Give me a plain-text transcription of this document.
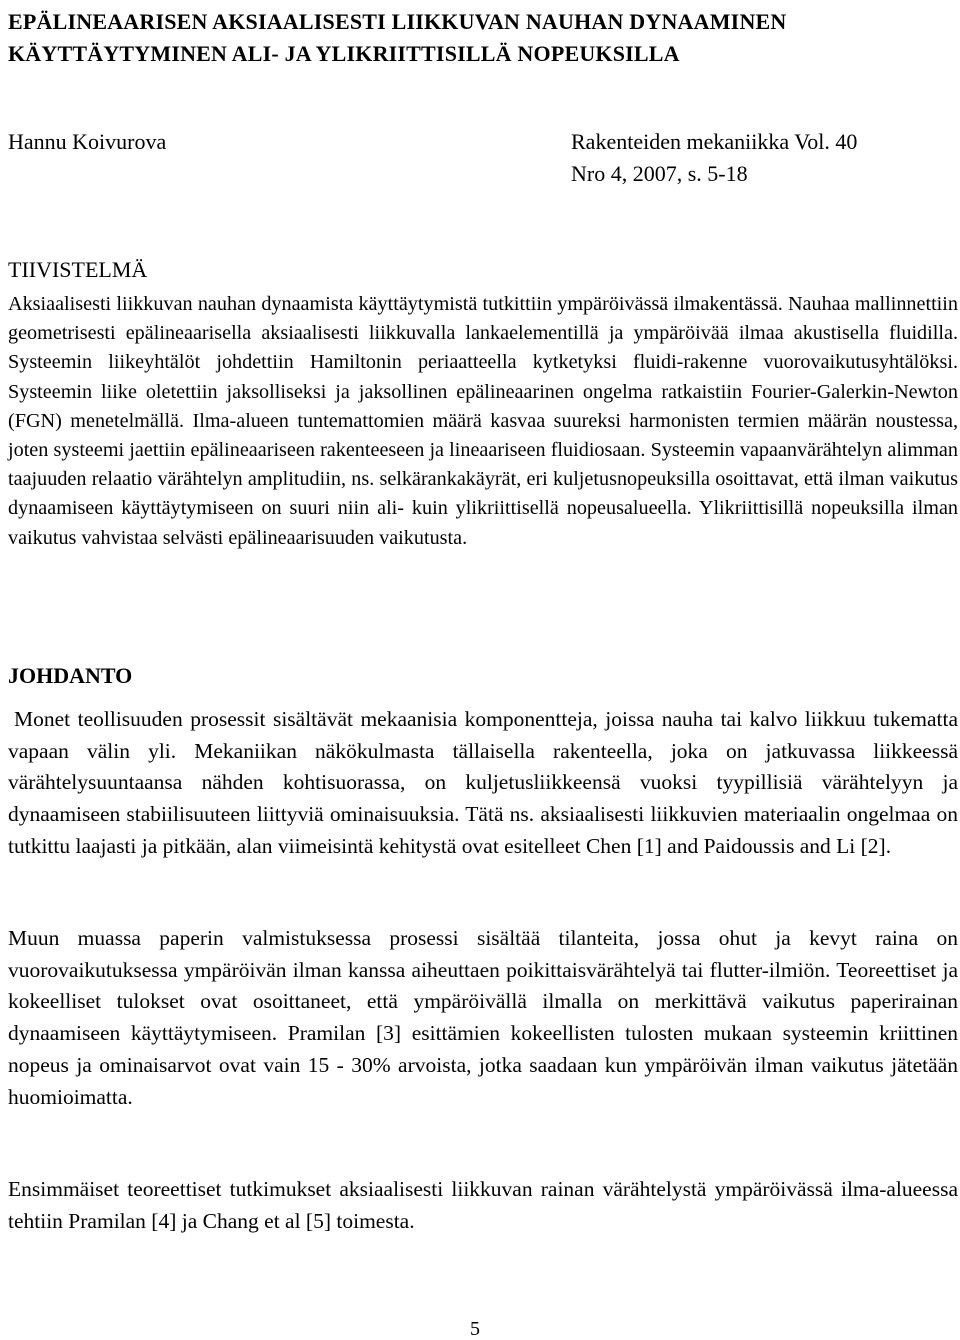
EPÄLINEAARISEN AKSIAALISESTI LIIKKUVAN NAUHAN DYNAAMINEN
KÄYTTÄYTYMINEN ALI- JA YLIKRIITTISILLÄ NOPEUKSILLA
Hannu Koivurova	Rakenteiden mekaniikka Vol. 40
Nro 4, 2007, s. 5-18
TIIVISTELMÄ
Aksiaalisesti liikkuvan nauhan dynaamista käyttäytymistä tutkittiin ympäröivässä ilmakentässä. Nauhaa mallinnettiin geometrisesti epälineaarisella aksiaalisesti liikkuvalla lankaelementillä ja ympäröivää ilmaa akustisella fluidilla. Systeemin liikeyhtälöt johdettiin Hamiltonin periaatteella kytketyksi fluidi-rakenne vuorovaikutusyhtälöksi. Systeemin liike oletettiin jaksolliseksi ja jaksollinen epälineaarinen ongelma ratkaistiin Fourier-Galerkin-Newton (FGN) menetelmällä. Ilma-alueen tuntemattomien määrä kasvaa suureksi harmonisten termien määrän noustessa, joten systeemi jaettiin epälineaariseen rakenteeseen ja lineaariseen fluidiosaan. Systeemin vapaanvärähtelyn alimman taajuuden relaatio värähtelyn amplitudiin, ns. selkärankakäyrät, eri kuljetusnopeuksilla osoittavat, että ilman vaikutus dynaamiseen käyttäytymiseen on suuri niin ali- kuin ylikriittisellä nopeusalueella. Ylikriittisillä nopeuksilla ilman vaikutus vahvistaa selvästi epälineaarisuuden vaikutusta.
JOHDANTO
Monet teollisuuden prosessit sisältävät mekaanisia komponentteja, joissa nauha tai kalvo liikkuu tukematta vapaan välin yli. Mekaniikan näkökulmasta tällaisella rakenteella, joka on jatkuvassa liikkeessä värähtelysuuntaansa nähden kohtisuorassa, on kuljetusliikkeensä vuoksi tyypillisiä värähtelyyn ja dynaamiseen stabiilisuuteen liittyviä ominaisuuksia. Tätä ns. aksiaalisesti liikkuvien materiaalin ongelmaa on tutkittu laajasti ja pitkään, alan viimeisintä kehitystä ovat esitelleet Chen [1] and Paidoussis and Li [2].
Muun muassa paperin valmistuksessa prosessi sisältää tilanteita, jossa ohut ja kevyt raina on vuorovaikutuksessa ympäröivän ilman kanssa aiheuttaen poikittaisvärähtelyä tai flutter-ilmiön. Teoreettiset ja kokeelliset tulokset ovat osoittaneet, että ympäröivällä ilmalla on merkittävä vaikutus paperirainan dynaamiseen käyttäytymiseen. Pramilan [3] esittämien kokeellisten tulosten mukaan systeemin kriittinen nopeus ja ominaisarvot ovat vain 15 - 30% arvoista, jotka saadaan kun ympäröivän ilman vaikutus jätetään huomioimatta.
Ensimmäiset teoreettiset tutkimukset aksiaalisesti liikkuvan rainan värähtelystä ympäröivässä ilma-alueessa tehtiin Pramilan [4] ja Chang et al [5] toimesta.
5
